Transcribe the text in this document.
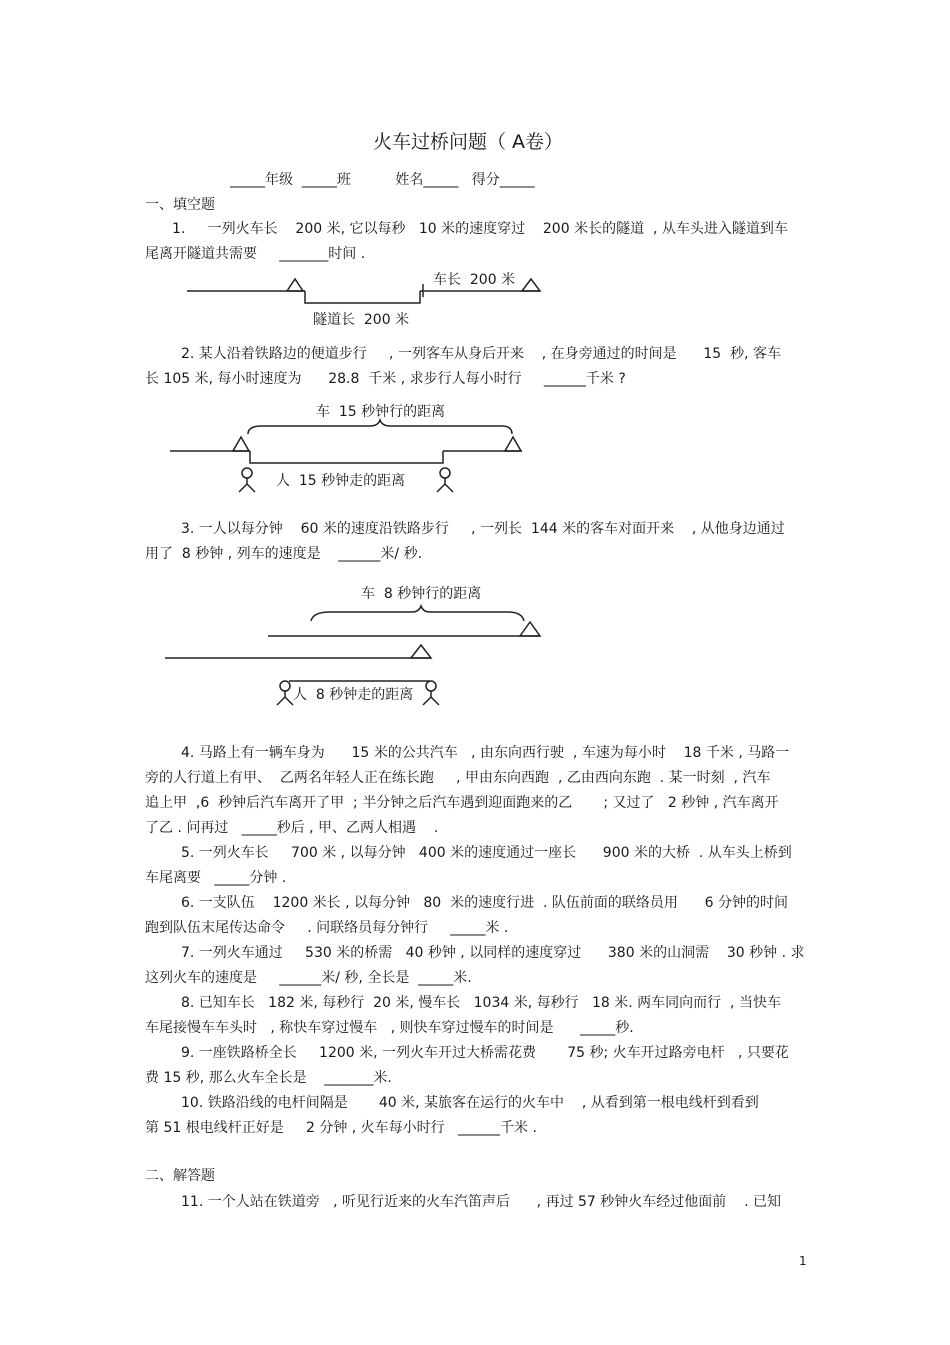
火车过桥问题（ A卷）
_____年级  _____班          姓名_____   得分_____
一、填空题
1.     一列火车长    200 米, 它以每秒   10 米的速度穿过    200 米长的隧道  , 从车头进入隧道到车
尾离开隧道共需要     _______时间 .
车长  200 米
隧道长  200 米
2. 某人沿着铁路边的便道步行     , 一列客车从身后开来    , 在身旁通过的时间是      15  秒, 客车
长 105 米, 每小时速度为      28.8  千米 , 求步行人每小时行     ______千米 ?
车  15 秒钟行的距离
人  15 秒钟走的距离
3. 一人以每分钟    60 米的速度沿铁路步行     , 一列长  144 米的客车对面开来    , 从他身边通过
用了  8 秒钟 , 列车的速度是    ______米/ 秒.
车  8 秒钟行的距离
人  8 秒钟走的距离
4. 马路上有一辆车身为      15 米的公共汽车   , 由东向西行驶  , 车速为每小时    18 千米 , 马路一
旁的人行道上有甲、  乙两名年轻人正在练长跑     , 甲由东向西跑  , 乙由西向东跑  . 某一时刻  , 汽车
追上甲  ,6  秒钟后汽车离开了甲  ; 半分钟之后汽车遇到迎面跑来的乙       ; 又过了   2 秒钟 , 汽车离开
了乙 . 问再过   _____秒后 , 甲、乙两人相遇    .
5. 一列火车长     700 米 , 以每分钟   400 米的速度通过一座长      900 米的大桥  . 从车头上桥到
车尾离要   _____分钟 .
6. 一支队伍    1200 米长 , 以每分钟   80  米的速度行进  . 队伍前面的联络员用      6 分钟的时间
跑到队伍末尾传达命令     . 问联络员每分钟行     _____米 .
7. 一列火车通过     530 米的桥需   40 秒钟 , 以同样的速度穿过      380 米的山洞需    30 秒钟 . 求
这列火车的速度是     ______米/ 秒, 全长是  _____米.
8. 已知车长   182 米, 每秒行  20 米, 慢车长   1034 米, 每秒行   18 米. 两车同向而行  , 当快车
车尾接慢车车头时   , 称快车穿过慢车   , 则快车穿过慢车的时间是      _____秒.
9. 一座铁路桥全长     1200 米, 一列火车开过大桥需花费       75 秒; 火车开过路旁电杆   , 只要花
费 15 秒, 那么火车全长是    _______米.
10. 铁路沿线的电杆间隔是       40 米, 某旅客在运行的火车中    , 从看到第一根电线杆到看到
第 51 根电线杆正好是     2 分钟 , 火车每小时行   ______千米 .
二、解答题
11. 一个人站在铁道旁   , 听见行近来的火车汽笛声后      , 再过 57 秒钟火车经过他面前    . 已知
1
